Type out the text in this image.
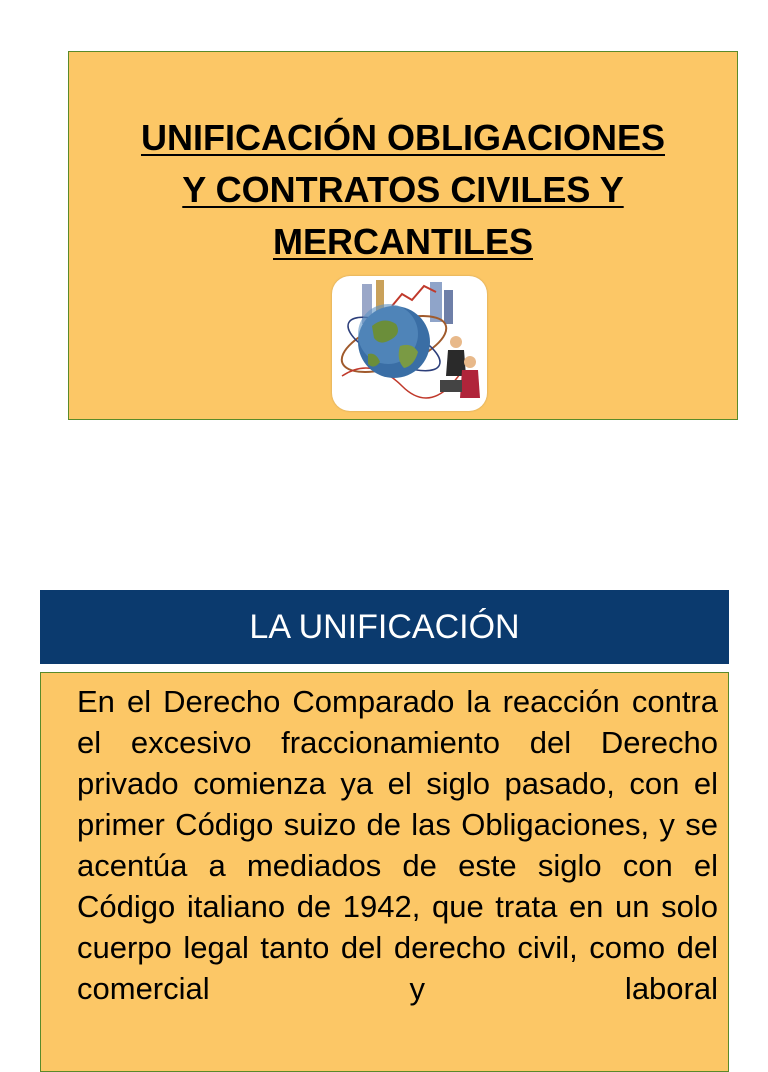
UNIFICACIÓN OBLIGACIONES
Y CONTRATOS CIVILES Y
MERCANTILES
LA UNIFICACIÓN

En el Derecho Comparado la reacción contra el excesivo fraccionamiento del Derecho privado comienza ya el siglo pasado, con el primer Código suizo de las Obligaciones, y se acentúa a mediados de este siglo con el Código italiano de 1942, que trata en un solo cuerpo legal tanto del derecho civil, como del comercial y laboral
